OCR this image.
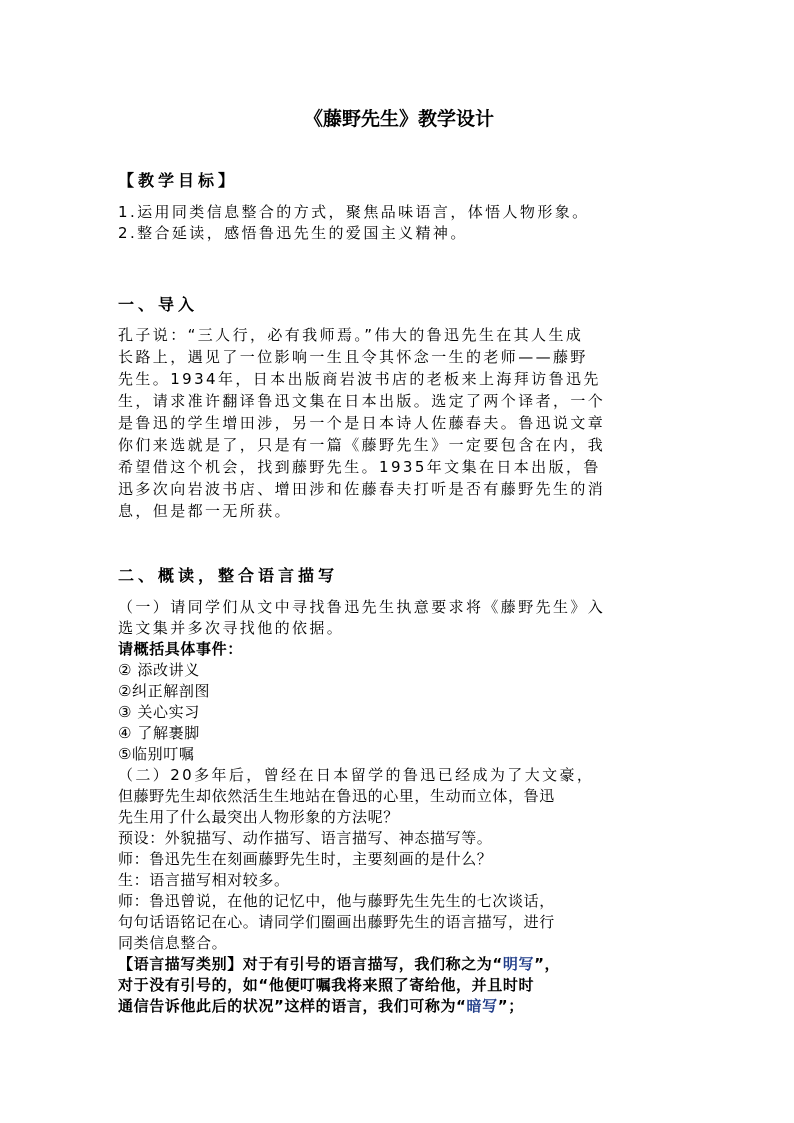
《藤野先生》教学设计

【教学目标】

1.运用同类信息整合的方式，聚焦品味语言，体悟人物形象。

2.整合延读，感悟鲁迅先生的爱国主义精神。

一、导入

孔子说：“三人行，必有我师焉。”伟大的鲁迅先生在其人生成

长路上，遇见了一位影响一生且令其怀念一生的老师——藤野

先生。1934年，日本出版商岩波书店的老板来上海拜访鲁迅先

生，请求准许翻译鲁迅文集在日本出版。选定了两个译者，一个

是鲁迅的学生增田涉，另一个是日本诗人佐藤春夫。鲁迅说文章

你们来选就是了，只是有一篇《藤野先生》一定要包含在内，我

希望借这个机会，找到藤野先生。1935年文集在日本出版，鲁

迅多次向岩波书店、增田涉和佐藤春夫打听是否有藤野先生的消

息，但是都一无所获。

二、概读，整合语言描写

（一）请同学们从文中寻找鲁迅先生执意要求将《藤野先生》入

选文集并多次寻找他的依据。

请概括具体事件：

② 添改讲义

②纠正解剖图

③ 关心实习

④ 了解裹脚

⑤临别叮嘱

（二）20多年后，曾经在日本留学的鲁迅已经成为了大文豪，

但藤野先生却依然活生生地站在鲁迅的心里，生动而立体，鲁迅

先生用了什么最突出人物形象的方法呢？

预设：外貌描写、动作描写、语言描写、神态描写等。

师：鲁迅先生在刻画藤野先生时，主要刻画的是什么？

生：语言描写相对较多。

师：鲁迅曾说，在他的记忆中，他与藤野先生先生的七次谈话，

句句话语铭记在心。请同学们圈画出藤野先生的语言描写，进行

同类信息整合。

【语言描写类别】对于有引号的语言描写，我们称之为“明写”，

对于没有引号的，如“他便叮嘱我将来照了寄给他，并且时时

通信告诉他此后的状况”这样的语言，我们可称为“暗写”；
